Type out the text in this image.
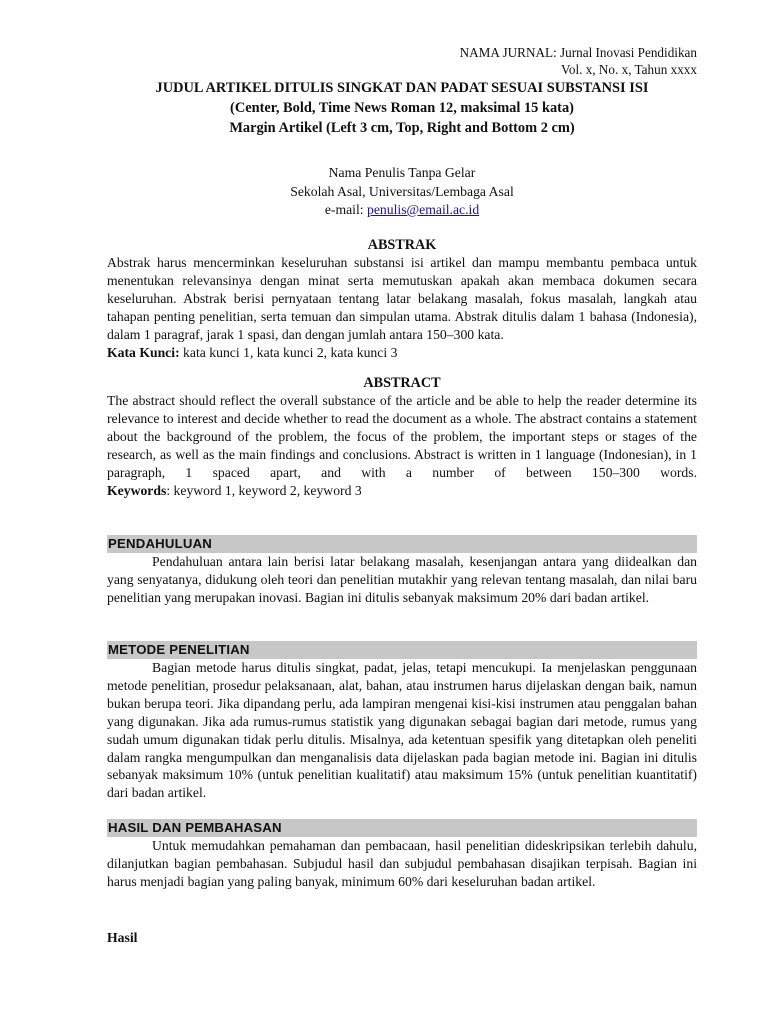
NAMA JURNAL: Jurnal Inovasi Pendidikan
Vol. x, No. x, Tahun xxxx
JUDUL ARTIKEL DITULIS SINGKAT DAN PADAT SESUAI SUBSTANSI ISI
(Center, Bold, Time News Roman 12, maksimal 15 kata)
Margin Artikel (Left 3 cm, Top, Right and Bottom 2 cm)
Nama Penulis Tanpa Gelar
Sekolah Asal, Universitas/Lembaga Asal
e-mail: penulis@email.ac.id
ABSTRAK

Abstrak harus mencerminkan keseluruhan substansi isi artikel dan mampu membantu pembaca untuk menentukan relevansinya dengan minat serta memutuskan apakah akan membaca dokumen secara keseluruhan. Abstrak berisi pernyataan tentang latar belakang masalah, fokus masalah, langkah atau tahapan penting penelitian, serta temuan dan simpulan utama. Abstrak ditulis dalam 1 bahasa (Indonesia), dalam 1 paragraf, jarak 1 spasi, dan dengan jumlah antara 150–300 kata.

Kata Kunci: kata kunci 1, kata kunci 2, kata kunci 3
ABSTRACT

The abstract should reflect the overall substance of the article and be able to help the reader determine its relevance to interest and decide whether to read the document as a whole. The abstract contains a statement about the background of the problem, the focus of the problem, the important steps or stages of the research, as well as the main findings and conclusions. Abstract is written in 1 language (Indonesian), in 1 paragraph, 1 spaced apart, and with a number of between 150–300 words.

Keywords: keyword 1, keyword 2, keyword 3
PENDAHULUAN

Pendahuluan antara lain berisi latar belakang masalah, kesenjangan antara yang diidealkan dan yang senyatanya, didukung oleh teori dan penelitian mutakhir yang relevan tentang masalah, dan nilai baru penelitian yang merupakan inovasi. Bagian ini ditulis sebanyak maksimum 20% dari badan artikel.

METODE PENELITIAN

Bagian metode harus ditulis singkat, padat, jelas, tetapi mencukupi. Ia menjelaskan penggunaan metode penelitian, prosedur pelaksanaan, alat, bahan, atau instrumen harus dijelaskan dengan baik, namun bukan berupa teori. Jika dipandang perlu, ada lampiran mengenai kisi-kisi instrumen atau penggalan bahan yang digunakan. Jika ada rumus-rumus statistik yang digunakan sebagai bagian dari metode, rumus yang sudah umum digunakan tidak perlu ditulis. Misalnya, ada ketentuan spesifik yang ditetapkan oleh peneliti dalam rangka mengumpulkan dan menganalisis data dijelaskan pada bagian metode ini. Bagian ini ditulis sebanyak maksimum 10% (untuk penelitian kualitatif) atau maksimum 15% (untuk penelitian kuantitatif) dari badan artikel.

HASIL DAN PEMBAHASAN

Untuk memudahkan pemahaman dan pembacaan, hasil penelitian dideskripsikan terlebih dahulu, dilanjutkan bagian pembahasan. Subjudul hasil dan subjudul pembahasan disajikan terpisah. Bagian ini harus menjadi bagian yang paling banyak, minimum 60% dari keseluruhan badan artikel.

Hasil
